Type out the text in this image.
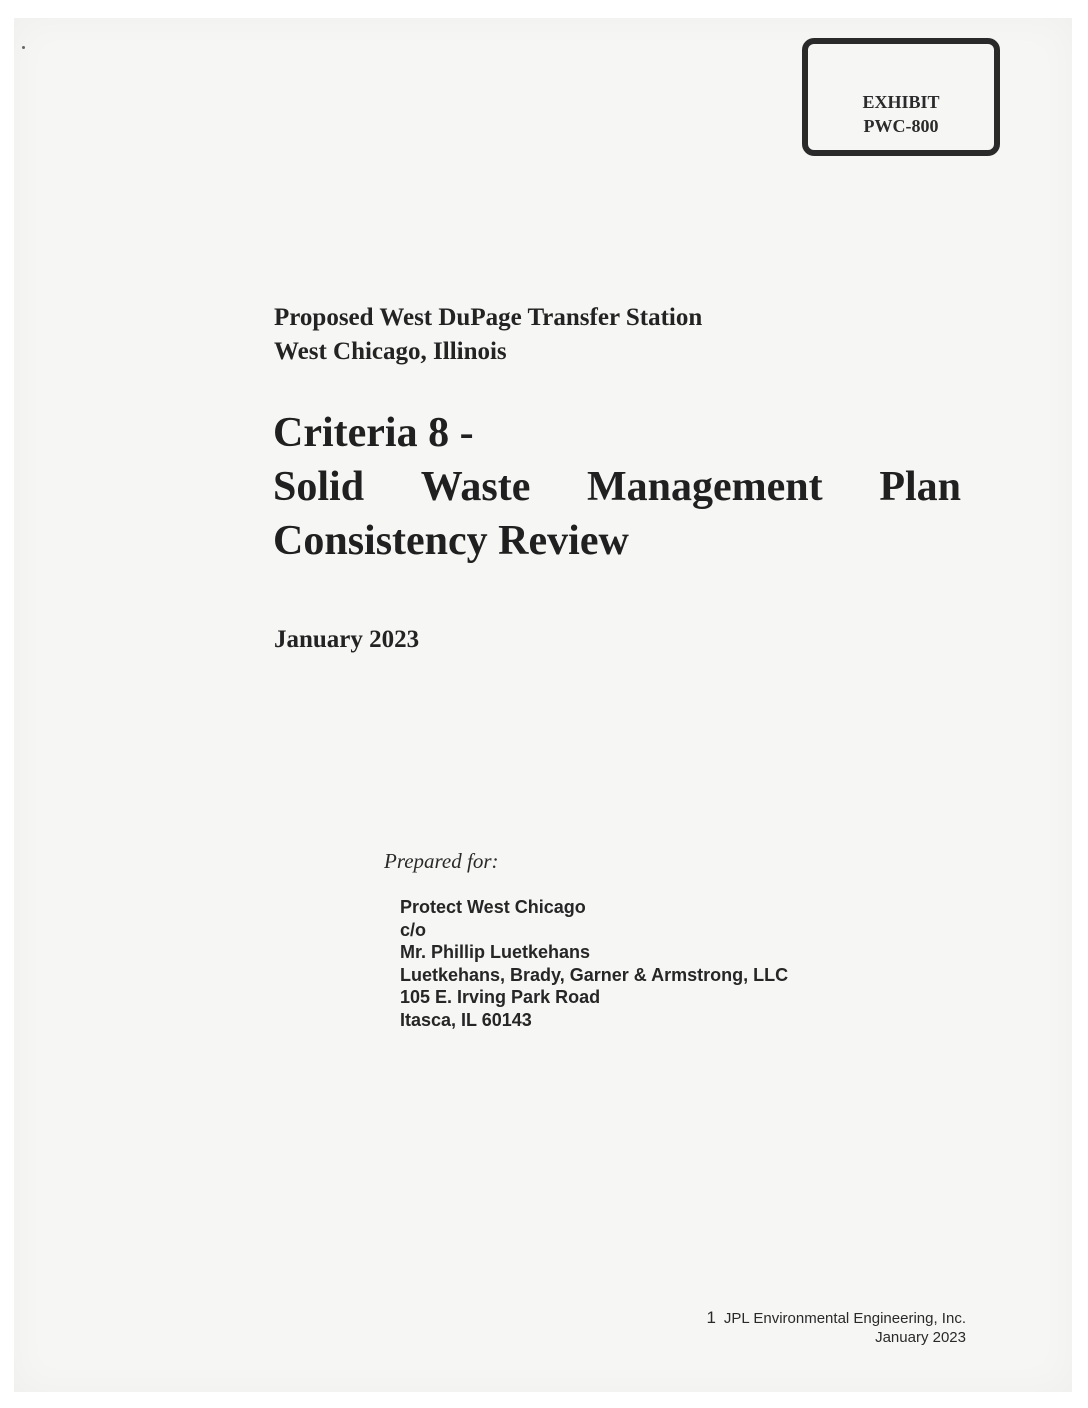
EXHIBIT
PWC-800
Proposed West DuPage Transfer Station
West Chicago, Illinois
Criteria 8 -
Solid Waste Management Plan
Consistency Review
January 2023
Prepared for:
Protect West Chicago
c/o
Mr. Phillip Luetkehans
Luetkehans, Brady, Garner & Armstrong, LLC
105 E. Irving Park Road
Itasca, IL 60143
1 JPL Environmental Engineering, Inc.
January 2023
